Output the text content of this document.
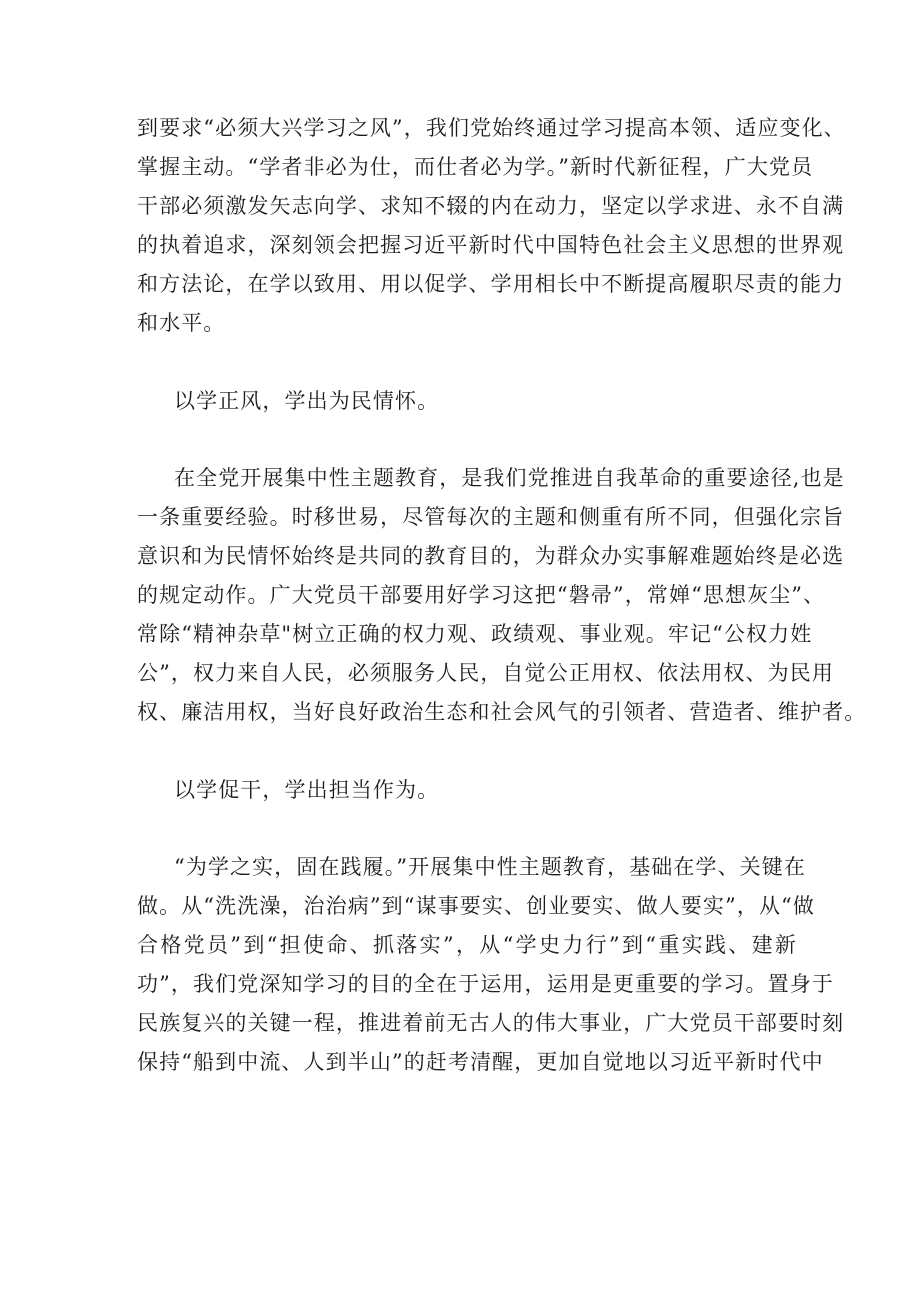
到要求“必须大兴学习之风”，我们党始终通过学习提高本领、适应变化、
掌握主动。“学者非必为仕，而仕者必为学。”新时代新征程，广大党员
干部必须激发矢志向学、求知不辍的内在动力，坚定以学求进、永不自满
的执着追求，深刻领会把握习近平新时代中国特色社会主义思想的世界观
和方法论，在学以致用、用以促学、学用相长中不断提高履职尽责的能力
和水平。
以学正风，学出为民情怀。
在全党开展集中性主题教育，是我们党推进自我革命的重要途径,也是
一条重要经验。时移世易，尽管每次的主题和侧重有所不同，但强化宗旨
意识和为民情怀始终是共同的教育目的，为群众办实事解难题始终是必选
的规定动作。广大党员干部要用好学习这把“磐帚”，常婵“思想灰尘”、
常除“精神杂草"树立正确的权力观、政绩观、事业观。牢记“公权力姓
公”，权力来自人民，必须服务人民，自觉公正用权、依法用权、为民用
权、廉洁用权，当好良好政治生态和社会风气的引领者、营造者、维护者。
以学促干，学出担当作为。
“为学之实，固在践履。”开展集中性主题教育，基础在学、关键在
做。从“洗洗澡，治治病”到“谋事要实、创业要实、做人要实”，从“做
合格党员”到“担使命、抓落实”，从“学史力行”到“重实践、建新
功”，我们党深知学习的目的全在于运用，运用是更重要的学习。置身于
民族复兴的关键一程，推进着前无古人的伟大事业，广大党员干部要时刻
保持“船到中流、人到半山”的赶考清醒，更加自觉地以习近平新时代中
